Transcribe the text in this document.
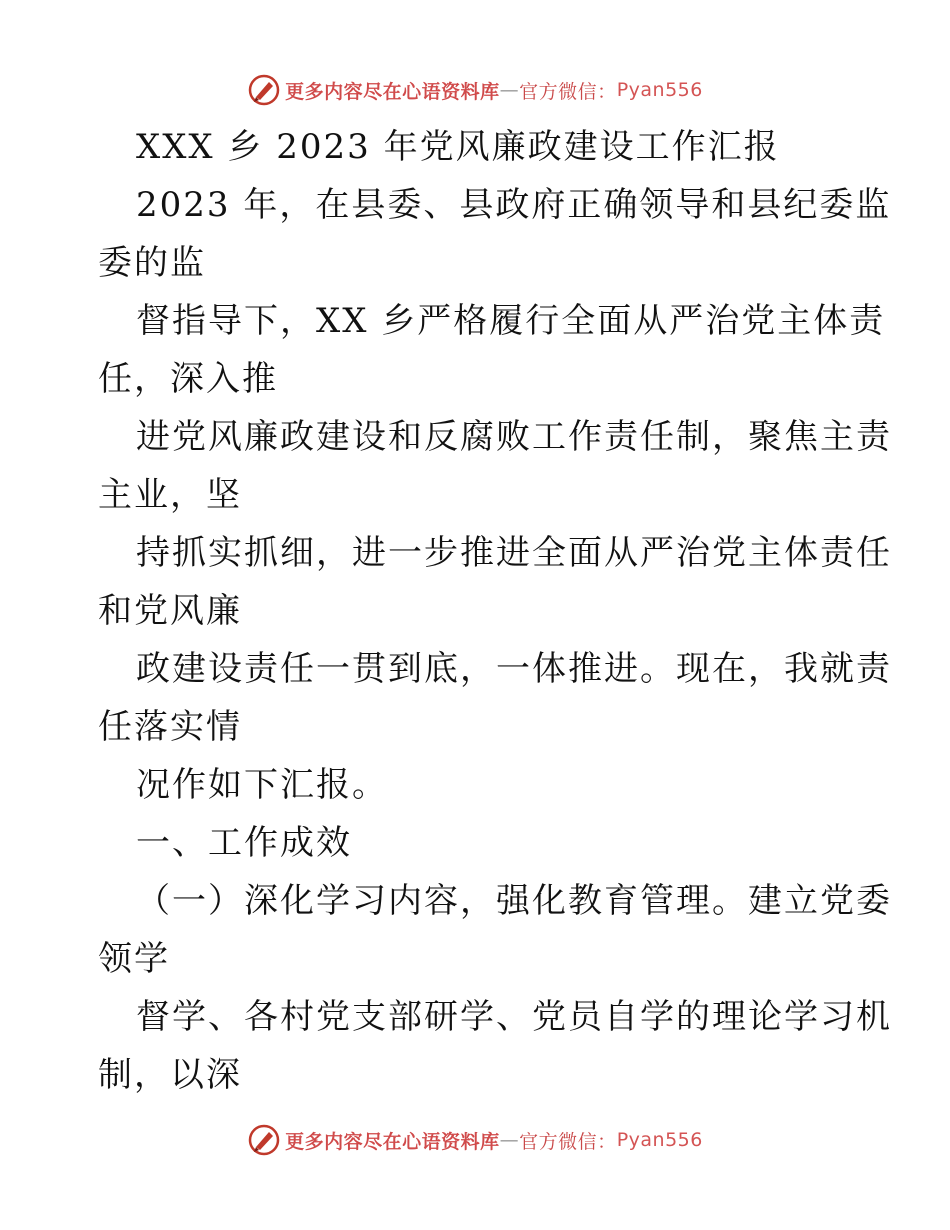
更多内容尽在心语资料库 — 官方微信： Pyan556
XXX 乡 2023 年党风廉政建设工作汇报
2023 年，在县委、县政府正确领导和县纪委监
委的监
督指导下，XX 乡严格履行全面从严治党主体责
任，深入推
进党风廉政建设和反腐败工作责任制，聚焦主责
主业，坚
持抓实抓细，进一步推进全面从严治党主体责任
和党风廉
政建设责任一贯到底，一体推进。现在，我就责
任落实情
况作如下汇报。
一、工作成效
（一）深化学习内容，强化教育管理。建立党委
领学
督学、各村党支部研学、党员自学的理论学习机
制，以深
更多内容尽在心语资料库 — 官方微信： Pyan556
